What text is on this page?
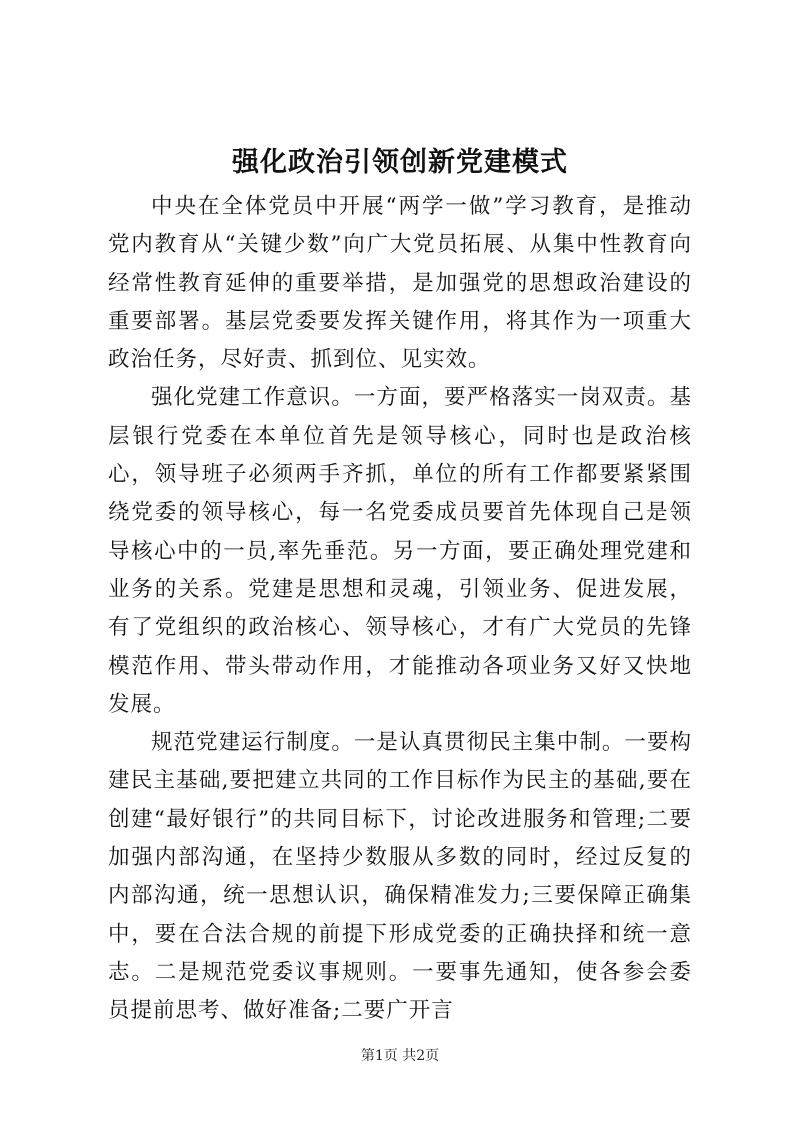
强化政治引领创新党建模式

中央在全体党员中开展“两学一做”学习教育，是推动党内教育从“关键少数”向广大党员拓展、从集中性教育向经常性教育延伸的重要举措，是加强党的思想政治建设的重要部署。基层党委要发挥关键作用，将其作为一项重大政治任务，尽好责、抓到位、见实效。

强化党建工作意识。一方面，要严格落实一岗双责。基层银行党委在本单位首先是领导核心，同时也是政治核心，领导班子必须两手齐抓，单位的所有工作都要紧紧围绕党委的领导核心，每一名党委成员要首先体现自己是领导核心中的一员,率先垂范。另一方面，要正确处理党建和业务的关系。党建是思想和灵魂，引领业务、促进发展，有了党组织的政治核心、领导核心，才有广大党员的先锋模范作用、带头带动作用，才能推动各项业务又好又快地发展。

规范党建运行制度。一是认真贯彻民主集中制。一要构建民主基础,要把建立共同的工作目标作为民主的基础,要在创建“最好银行”的共同目标下，讨论改进服务和管理;二要加强内部沟通，在坚持少数服从多数的同时，经过反复的内部沟通，统一思想认识，确保精准发力;三要保障正确集中，要在合法合规的前提下形成党委的正确抉择和统一意志。二是规范党委议事规则。一要事先通知，使各参会委员提前思考、做好准备;二要广开言

第1页 共2页
